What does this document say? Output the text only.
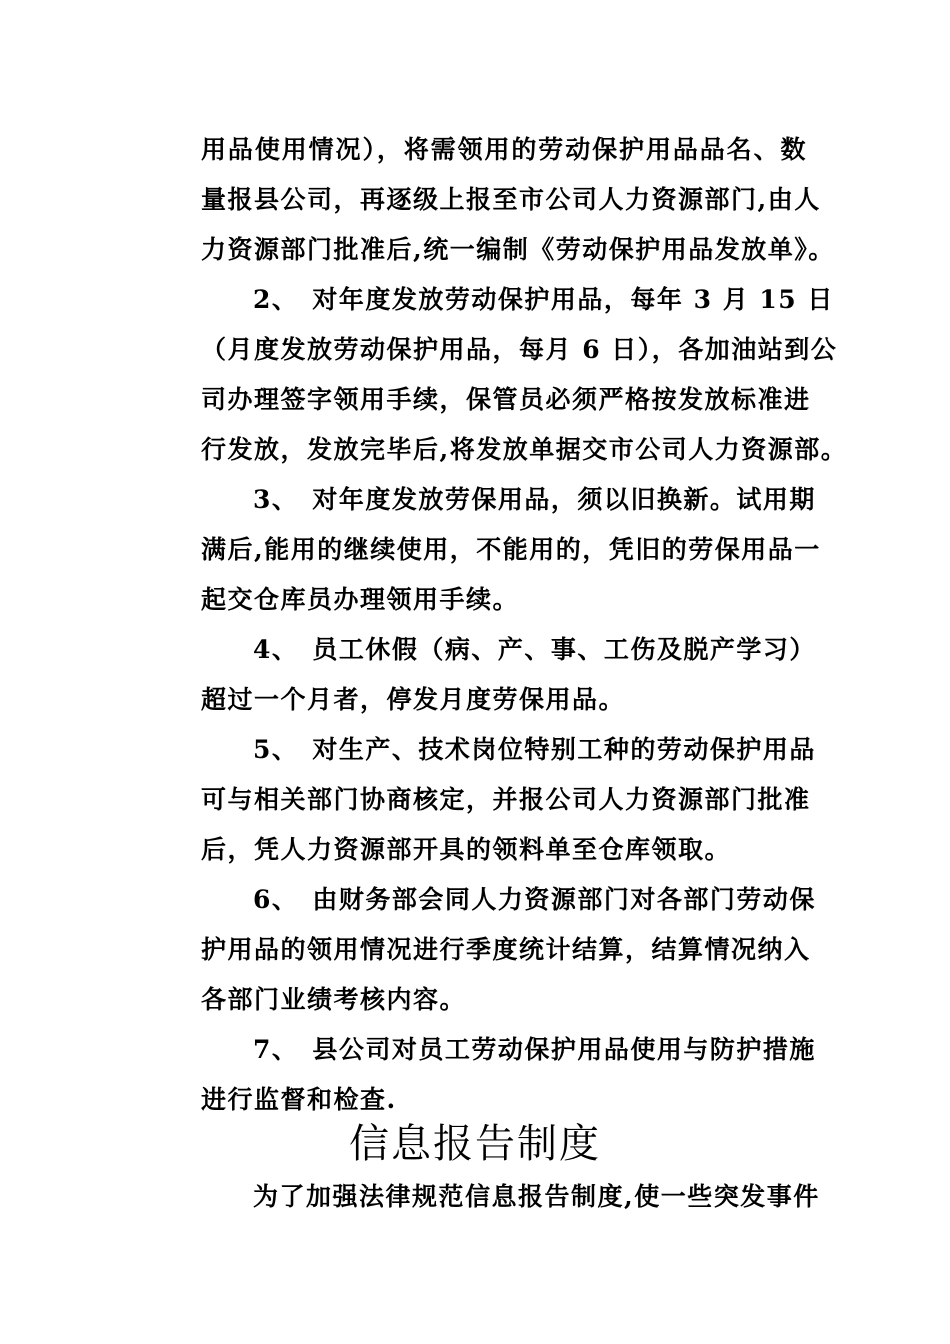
用品使用情况），将需领用的劳动保护用品品名、数
量报县公司，再逐级上报至市公司人力资源部门,由人
力资源部门批准后,统一编制《劳动保护用品发放单》。
2、　对年度发放劳动保护用品，每年 3 月 15 日
（月度发放劳动保护用品，每月 6 日），各加油站到公
司办理签字领用手续，保管员必须严格按发放标准进
行发放，发放完毕后,将发放单据交市公司人力资源部。
3、　对年度发放劳保用品，须以旧换新。试用期
满后,能用的继续使用，不能用的，凭旧的劳保用品一
起交仓库员办理领用手续。
4、　员工休假（病、产、事、工伤及脱产学习）
超过一个月者，停发月度劳保用品。
5、　对生产、技术岗位特别工种的劳动保护用品
可与相关部门协商核定，并报公司人力资源部门批准
后，凭人力资源部开具的领料单至仓库领取。
6、　由财务部会同人力资源部门对各部门劳动保
护用品的领用情况进行季度统计结算，结算情况纳入
各部门业绩考核内容。
7、　县公司对员工劳动保护用品使用与防护措施
进行监督和检查.
信息报告制度
为了加强法律规范信息报告制度,使一些突发事件
